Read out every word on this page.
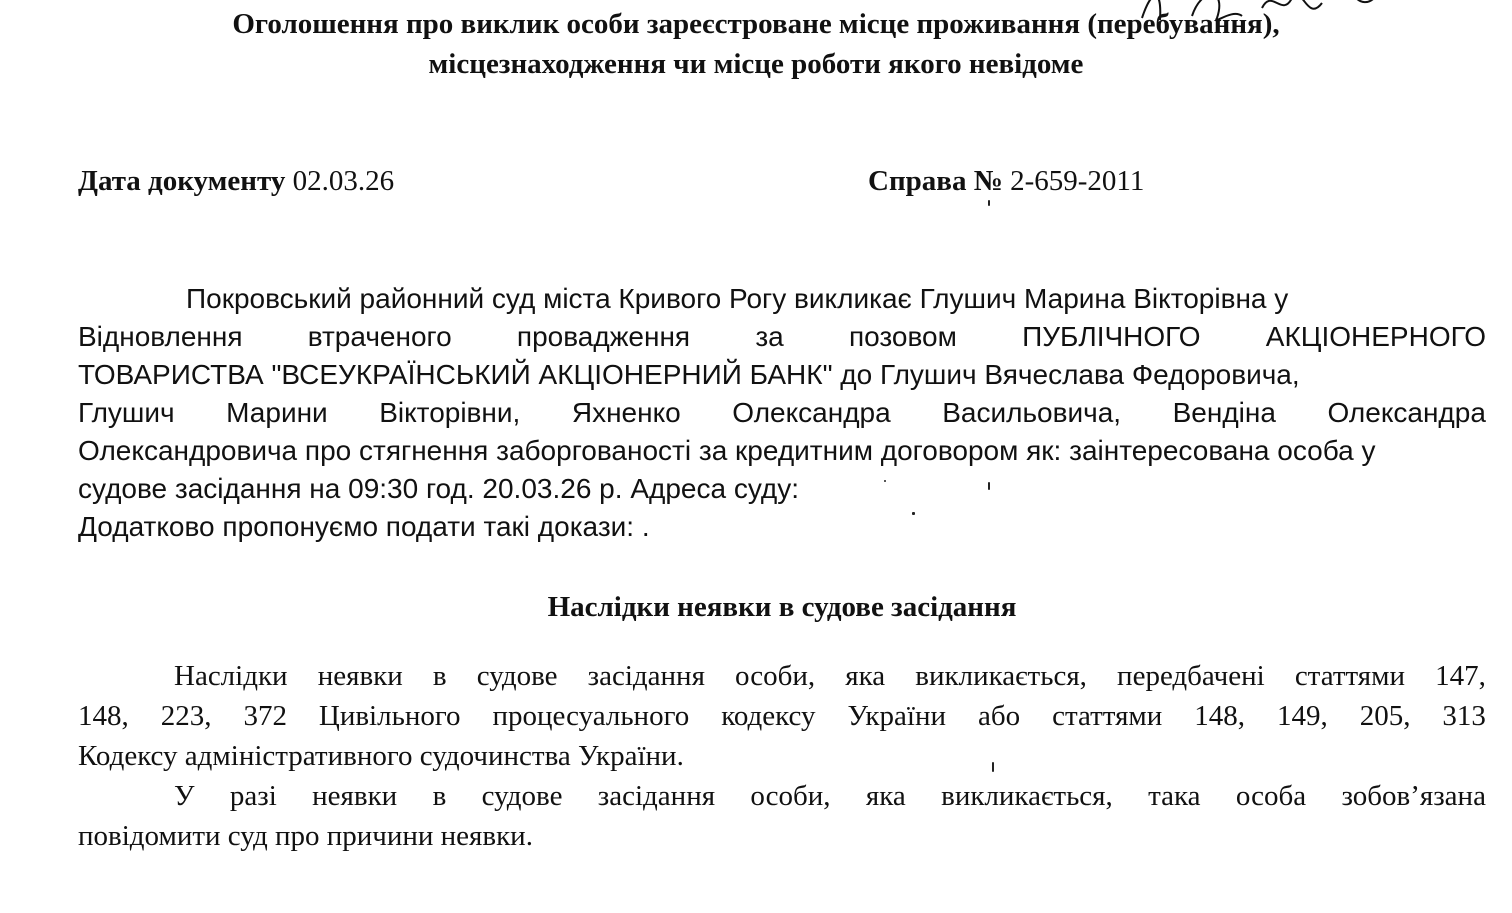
Оголошення про виклик особи зареєстроване місце проживання (перебування),
місцезнаходження чи місце роботи якого невідоме
Дата документу 02.03.26	Справа № 2-659-2011
Покровський районний суд міста Кривого Рогу викликає Глушич Марина Вікторівна у
Відновлення втраченого провадження за позовом ПУБЛІЧНОГО АКЦІОНЕРНОГО
ТОВАРИСТВА "ВСЕУКРАЇНСЬКИЙ АКЦІОНЕРНИЙ БАНК" до Глушич Вячеслава Федоровича,
Глушич Марини Вікторівни, Яхненко Олександра Васильовича, Вендіна Олександра
Олександровича про стягнення заборгованості за кредитним договором як: заінтересована особа у
судове засідання на 09:30 год. 20.03.26 р. Адреса суду:
Додатково пропонуємо подати такі докази: .
Наслідки неявки в судове засідання
Наслідки неявки в судове засідання особи, яка викликається, передбачені статтями 147,
148, 223, 372 Цивільного процесуального кодексу України або статтями 148, 149, 205, 313
Кодексу адміністративного судочинства України.
У разі неявки в судове засідання особи, яка викликається, така особа зобов’язана
повідомити суд про причини неявки.
